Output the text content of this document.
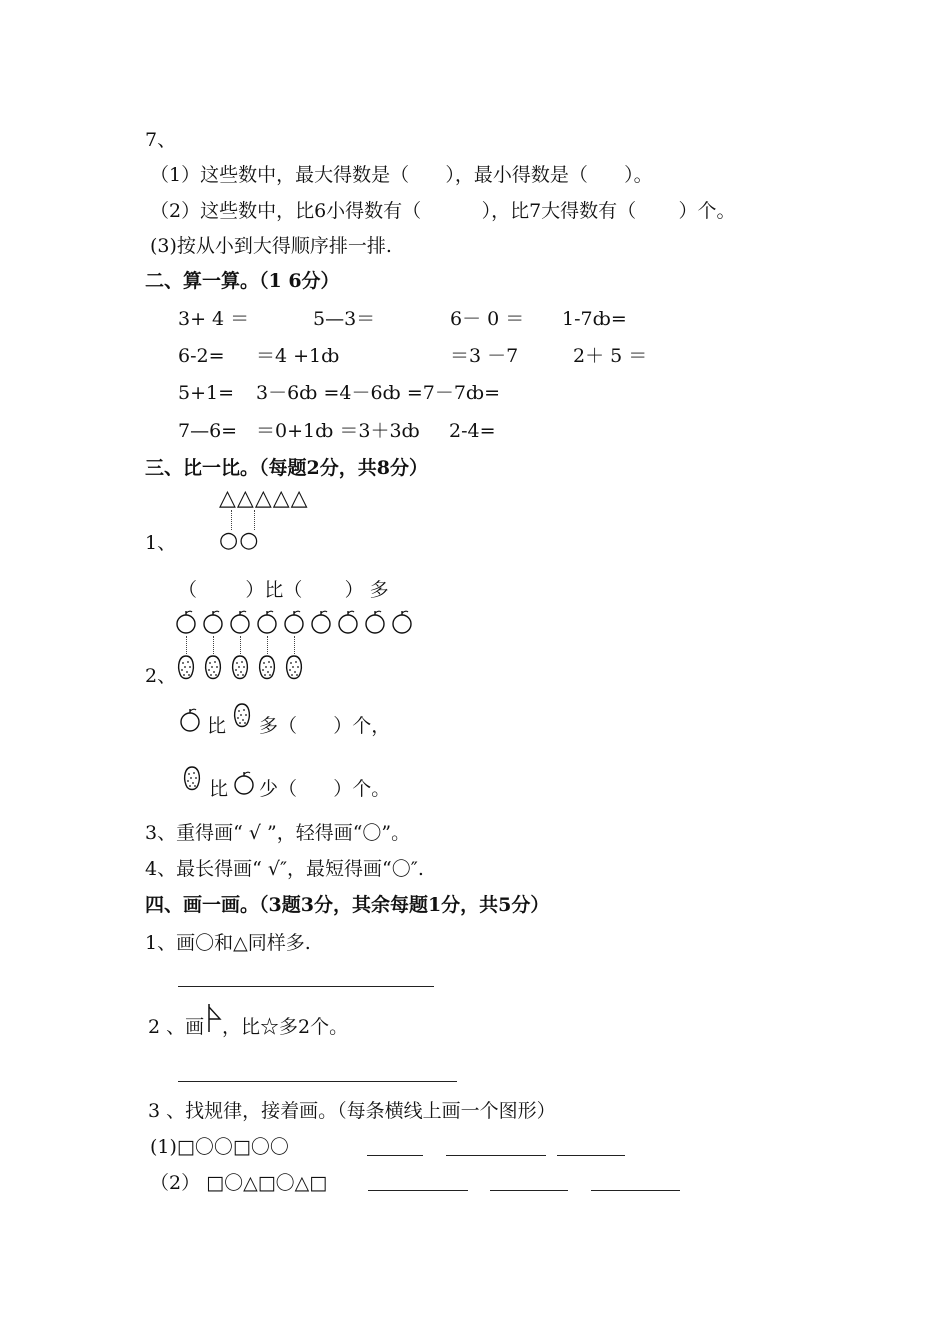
7、
（1）这些数中，最大得数是（      ），最小得数是（      ）。
（2）这些数中，比6小得数有（          ），比7大得数有（       ）个。
(3)按从小到大得顺序排一排.
二、算一算。（1 6分）
3+ 4 ＝	5—3＝	6－ 0 ＝ 1-7ȸ=
6-2= ＝4 +1ȸ	＝3 －7	2＋ 5 ＝
5+1= 3－6ȸ =4－6ȸ =7－7ȸ=
7—6= ＝0+1ȸ ＝3＋3ȸ 2-4=
三、比一比。（每题2分，共8分）
△△△△△
1、 ○○
（        ）比（       ） 多
2、
比 多（      ）个，
比 少（      ）个。
3、重得画“ √ ”，轻得画“〇”。
4、最长得画“ √″，最短得画“〇″.
四、画一画。（3题3分，其余每题1分，共5分）
1、画〇和△同样多.
2 、画 ，比☆多2个。
3 、找规律，接着画。（每条横线上画一个图形）
(1)□〇〇□〇〇
（2） □〇△□〇△□
